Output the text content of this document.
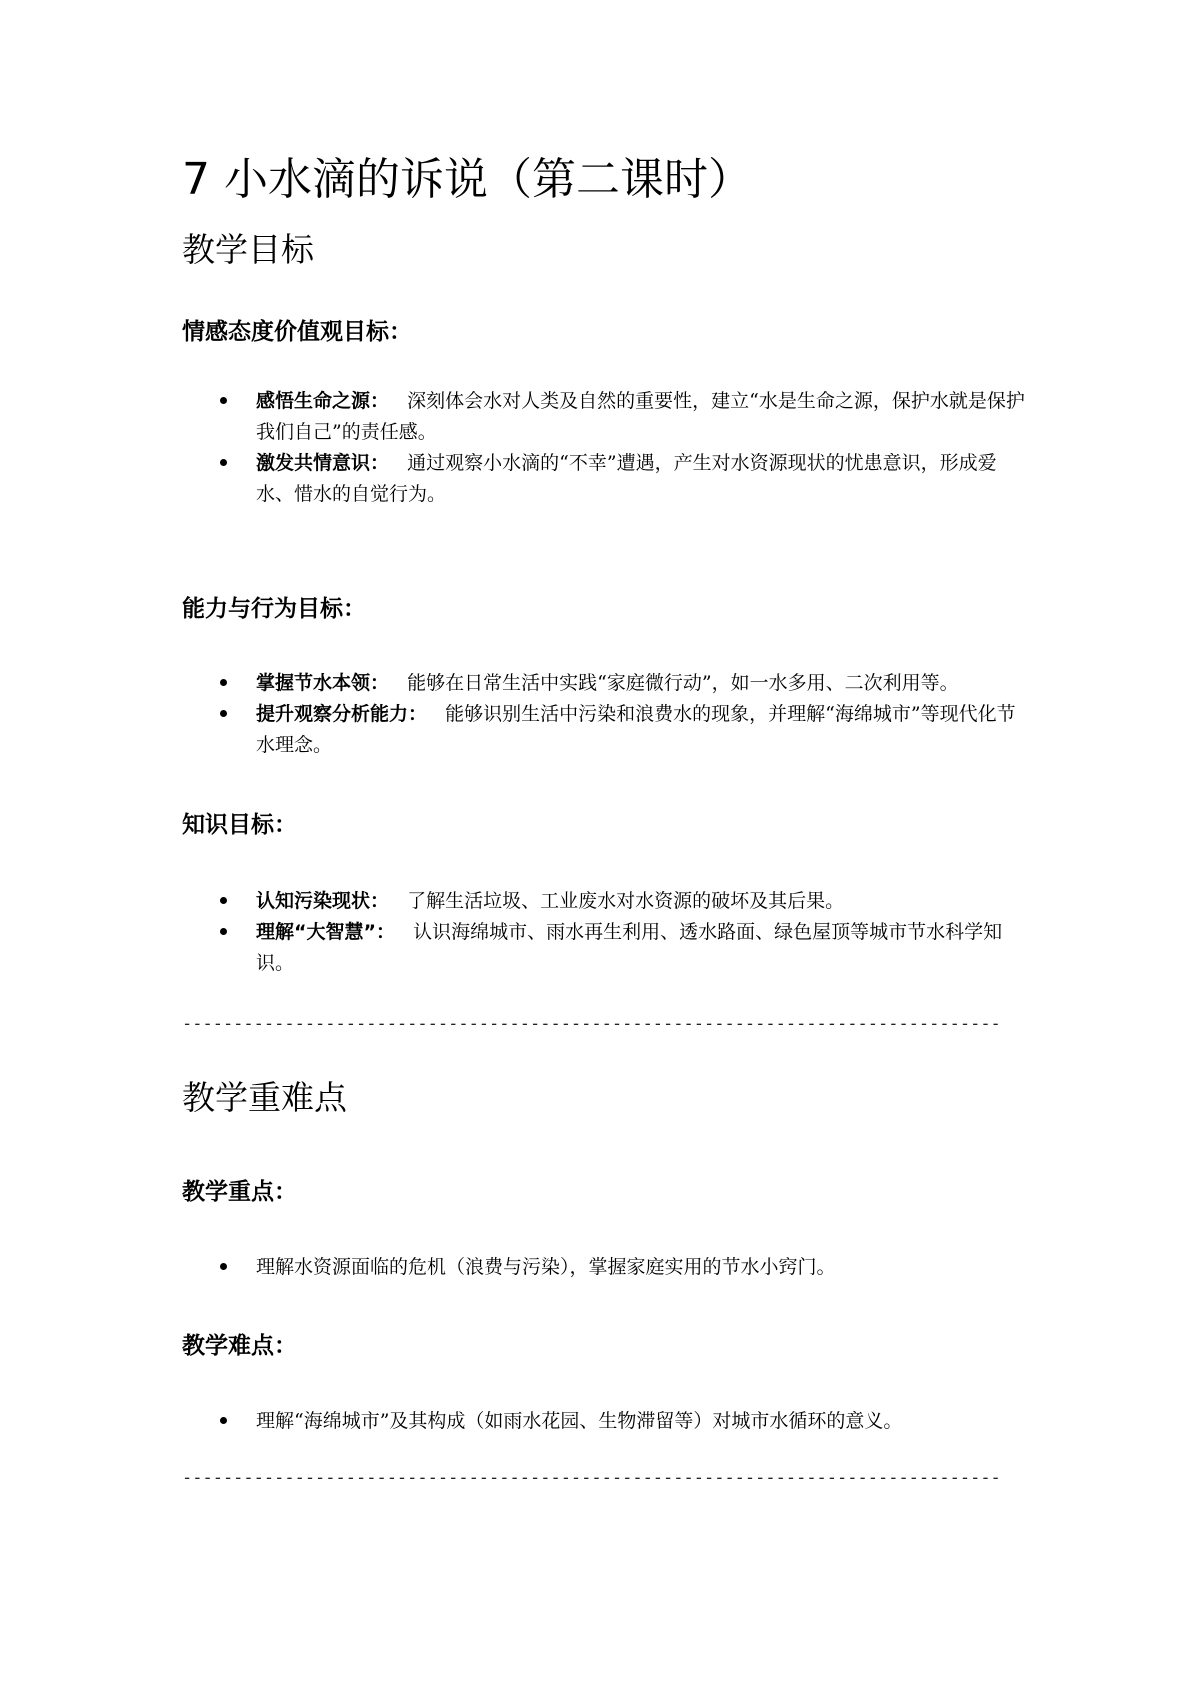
7 小水滴的诉说（第二课时）
教学目标
情感态度价值观目标：

感悟生命之源： 深刻体会水对人类及自然的重要性，建立“水是生命之源，保护水就是保护我们自己”的责任感。

激发共情意识： 通过观察小水滴的“不幸”遭遇，产生对水资源现状的忧患意识，形成爱水、惜水的自觉行为。

能力与行为目标：

掌握节水本领： 能够在日常生活中实践“家庭微行动”，如一水多用、二次利用等。

提升观察分析能力： 能够识别生活中污染和浪费水的现象，并理解“海绵城市”等现代化节水理念。

知识目标：

认知污染现状： 了解生活垃圾、工业废水对水资源的破坏及其后果。

理解“大智慧”： 认识海绵城市、雨水再生利用、透水路面、绿色屋顶等城市节水科学知识。

--------------------------------------------------------------------------------
教学重难点
教学重点：

理解水资源面临的危机（浪费与污染），掌握家庭实用的节水小窍门。

教学难点：

理解“海绵城市”及其构成（如雨水花园、生物滞留等）对城市水循环的意义。

--------------------------------------------------------------------------------
